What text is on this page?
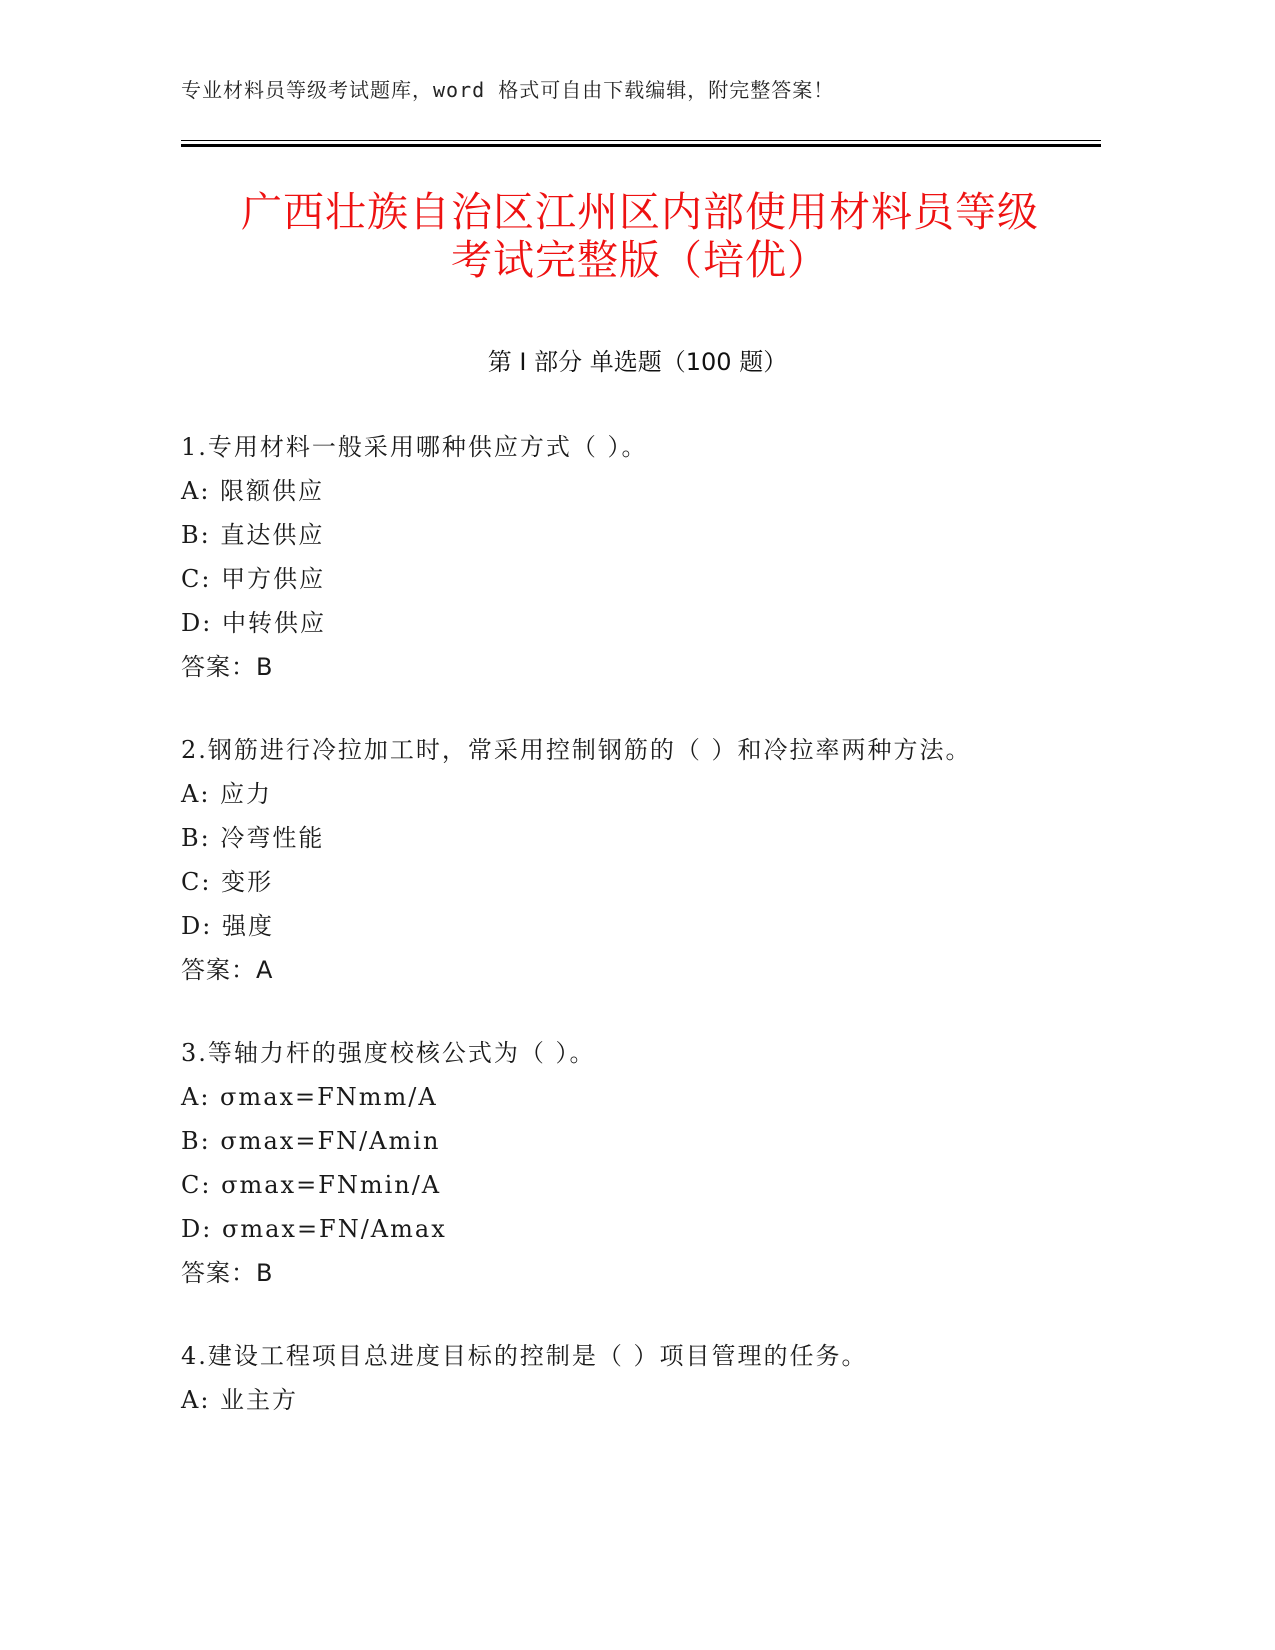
专业材料员等级考试题库，word 格式可自由下载编辑，附完整答案！
广西壮族自治区江州区内部使用材料员等级
考试完整版（培优）
第 I 部分 单选题（100 题）
1.专用材料一般采用哪种供应方式（ ）。
A: 限额供应
B: 直达供应
C: 甲方供应
D: 中转供应
答案：B
2.钢筋进行冷拉加工时，常采用控制钢筋的（ ）和冷拉率两种方法。
A: 应力
B: 冷弯性能
C: 变形
D: 强度
答案：A
3.等轴力杆的强度校核公式为（ ）。
A: σmax=FNmm/A
B: σmax=FN/Amin
C: σmax=FNmin/A
D: σmax=FN/Amax
答案：B
4.建设工程项目总进度目标的控制是（ ）项目管理的任务。
A: 业主方
